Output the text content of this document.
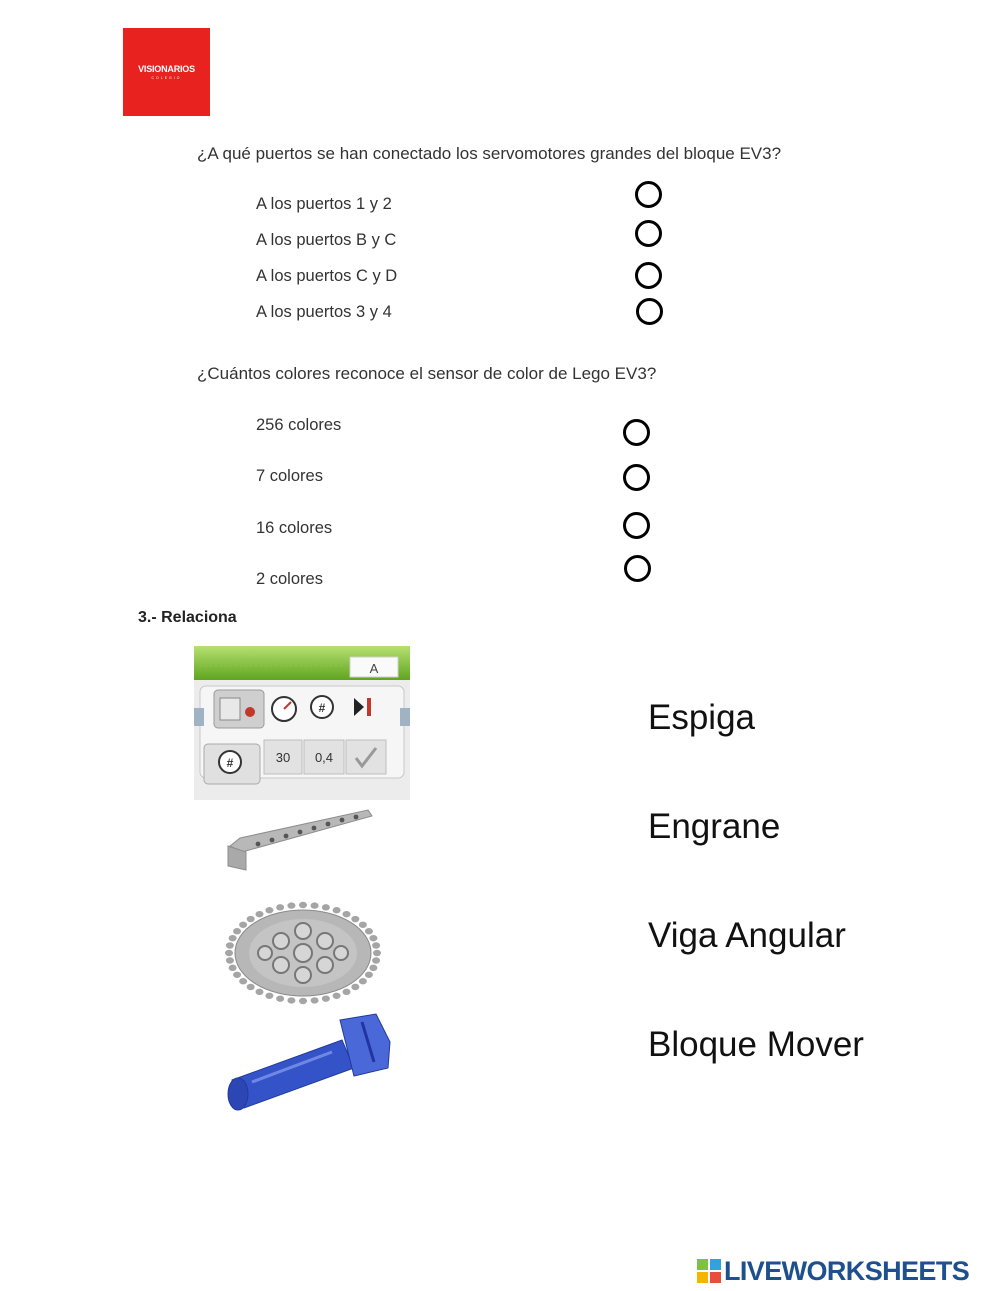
VISIONARIOS
COLEGIO
¿A qué puertos se han conectado los servomotores grandes del bloque EV3?
A los puertos 1 y 2
A los puertos B y C
A los puertos C y D
A los puertos 3 y 4
¿Cuántos colores reconoce el sensor de color de Lego EV3?
256 colores
7 colores
16 colores
2 colores
3.- Relaciona
A
#
#	30 0,4
Espiga
Engrane
Viga Angular
Bloque Mover
LIVEWORKSHEETS
